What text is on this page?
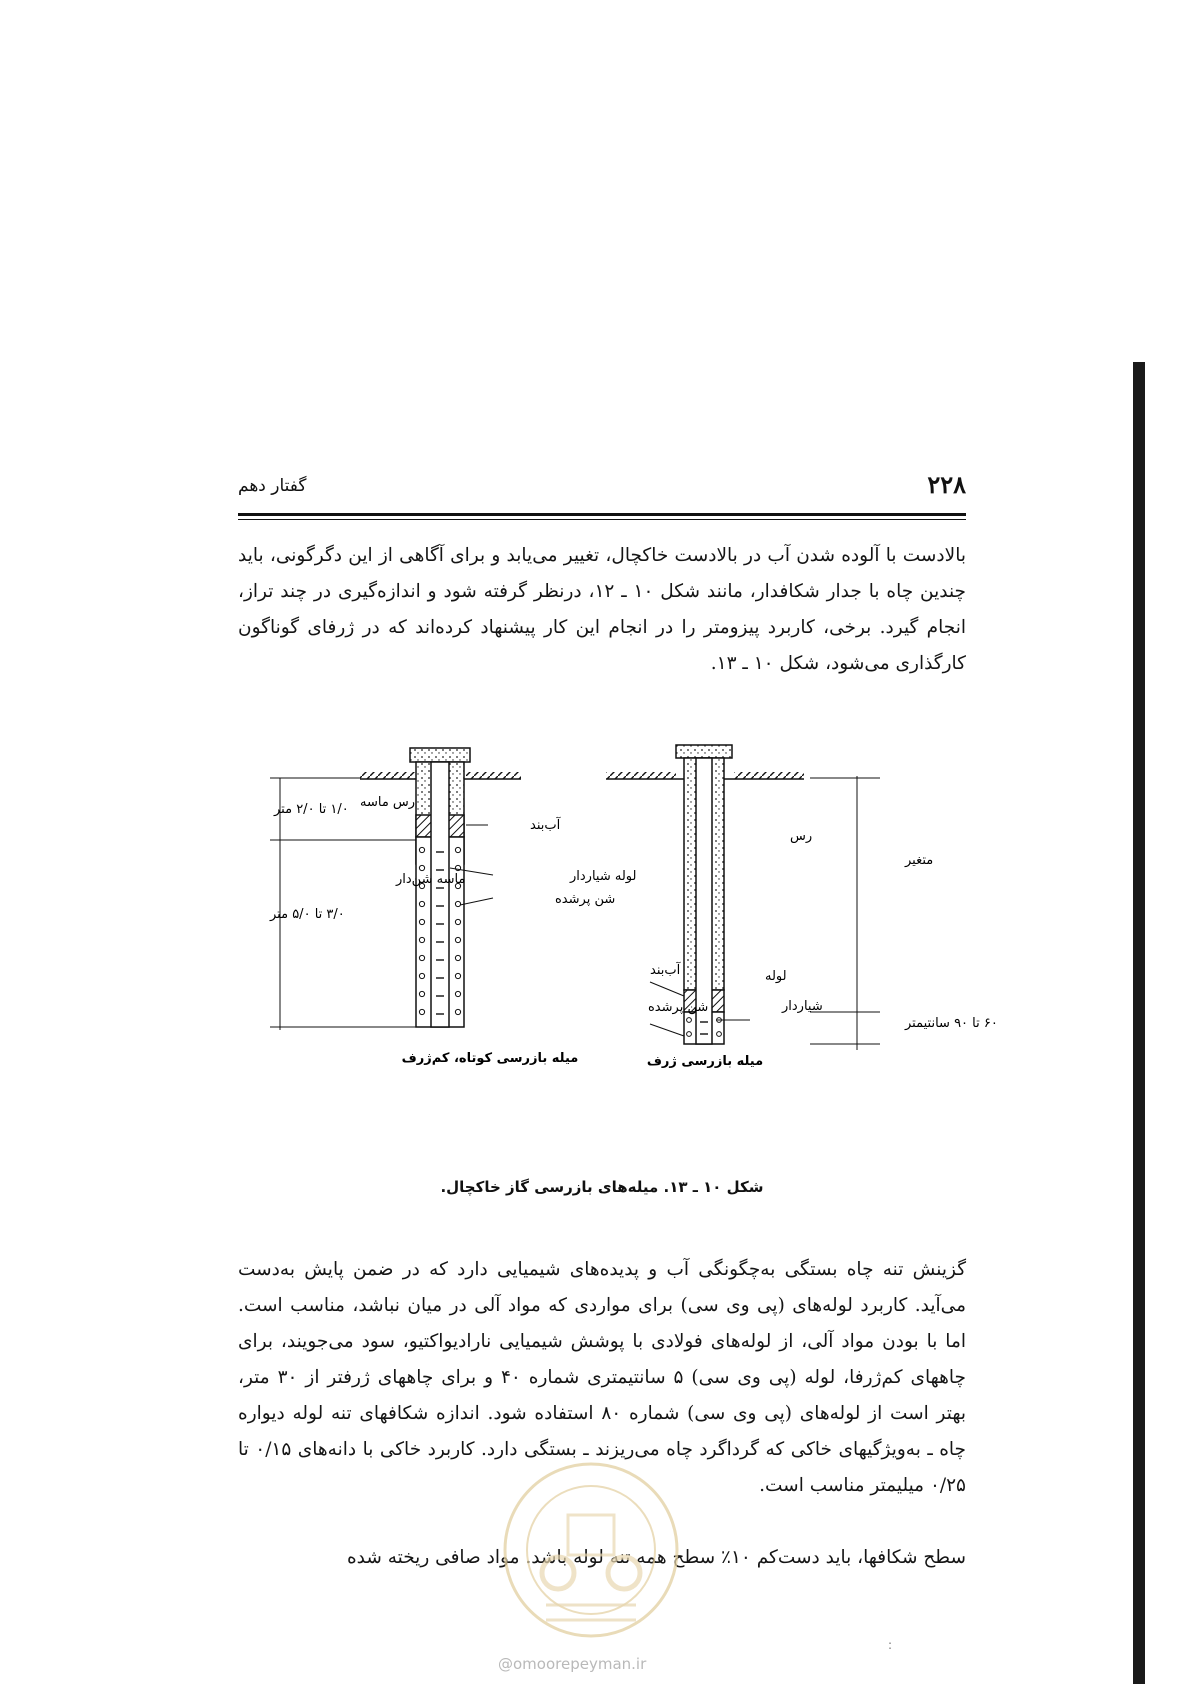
۲۲۸
گفتار دهم
بالادست با آلوده شدن آب در بالادست خاکچال، تغییر می‌یابد و برای آگاهی از این دگرگونی، باید چندین چاه با جدار شکافدار، مانند شکل ۱۰ ـ ۱۲، درنظر گرفته شود و اندازه‌گیری در چند تراز، انجام گیرد. برخی، کاربرد پیزومتر را در انجام این کار پیشنهاد کرده‌اند که در ژرفای گوناگون کارگذاری می‌شود، شکل ۱۰ ـ ۱۳.
رس ماسه
۱/۰ تا ۲/۰ متر
آب‌بند
ماسه شن‌دار	لوله شیاردار
شن پرشده
۳/۰ تا ۵/۰ متر
میله بازرسی کوتاه، کم‌ژرف
رس
متغیر
آب‌بند	لوله
شیاردار
شن پرشده
۶۰ تا ۹۰ سانتیمتر
میله بازرسی ژرف
شکل ۱۰ ـ ۱۳. میله‌های بازرسی گاز خاکچال.
گزینش تنه چاه بستگی به‌چگونگی آب و پدیده‌های شیمیایی دارد که در ضمن پایش به‌دست می‌آید. کاربرد لوله‌های (پی وی سی) برای مواردی که مواد آلی در میان نباشد، مناسب است. اما با بودن مواد آلی، از لوله‌های فولادی با پوشش شیمیایی نارادیواکتیو، سود می‌جویند، برای چاههای کم‌ژرفا، لوله (پی وی سی) ۵ سانتیمتری شماره ۴۰ و برای چاههای ژرفتر از ۳۰ متر، بهتر است از لوله‌های (پی وی سی) شماره ۸۰ استفاده شود. اندازه شکافهای تنه لوله دیواره چاه ـ به‌ویژگیهای خاکی که گرداگرد چاه می‌ریزند ـ بستگی دارد. کاربرد خاکی با دانه‌های ۰/۱۵ تا ۰/۲۵ میلیمتر مناسب است.
سطح شکافها، باید دست‌کم ۱۰٪ سطح همه تنه لوله باشد. مواد صافی ریخته شده
@omoorepeyman.ir
:
